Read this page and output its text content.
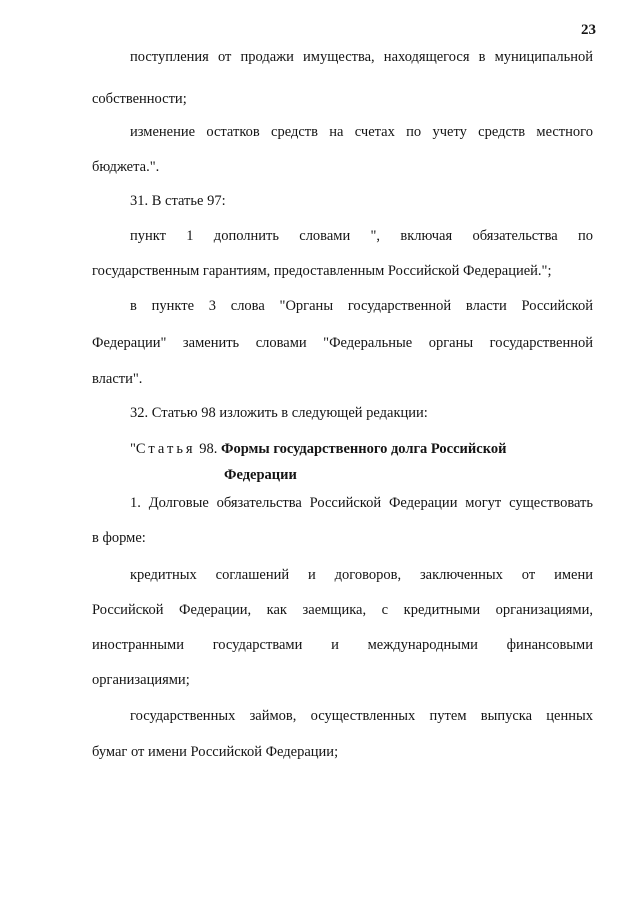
23
поступления от продажи имущества, находящегося в муниципальной
собственности;
изменение остатков средств на счетах по учету средств местного
бюджета.".
31. В статье 97:
пункт 1 дополнить словами ", включая обязательства по
государственным гарантиям, предоставленным Российской Федерацией.";
в пункте 3 слова "Органы государственной власти Российской
Федерации" заменить словами "Федеральные органы государственной
власти".
32. Статью 98 изложить в следующей редакции:
"Статья 98. Формы государственного долга Российской
Федерации
1. Долговые обязательства Российской Федерации могут существовать
в форме:
кредитных соглашений и договоров, заключенных от имени
Российской Федерации, как заемщика, с кредитными организациями,
иностранными государствами и международными финансовыми
организациями;
государственных займов, осуществленных путем выпуска ценных
бумаг от имени Российской Федерации;
